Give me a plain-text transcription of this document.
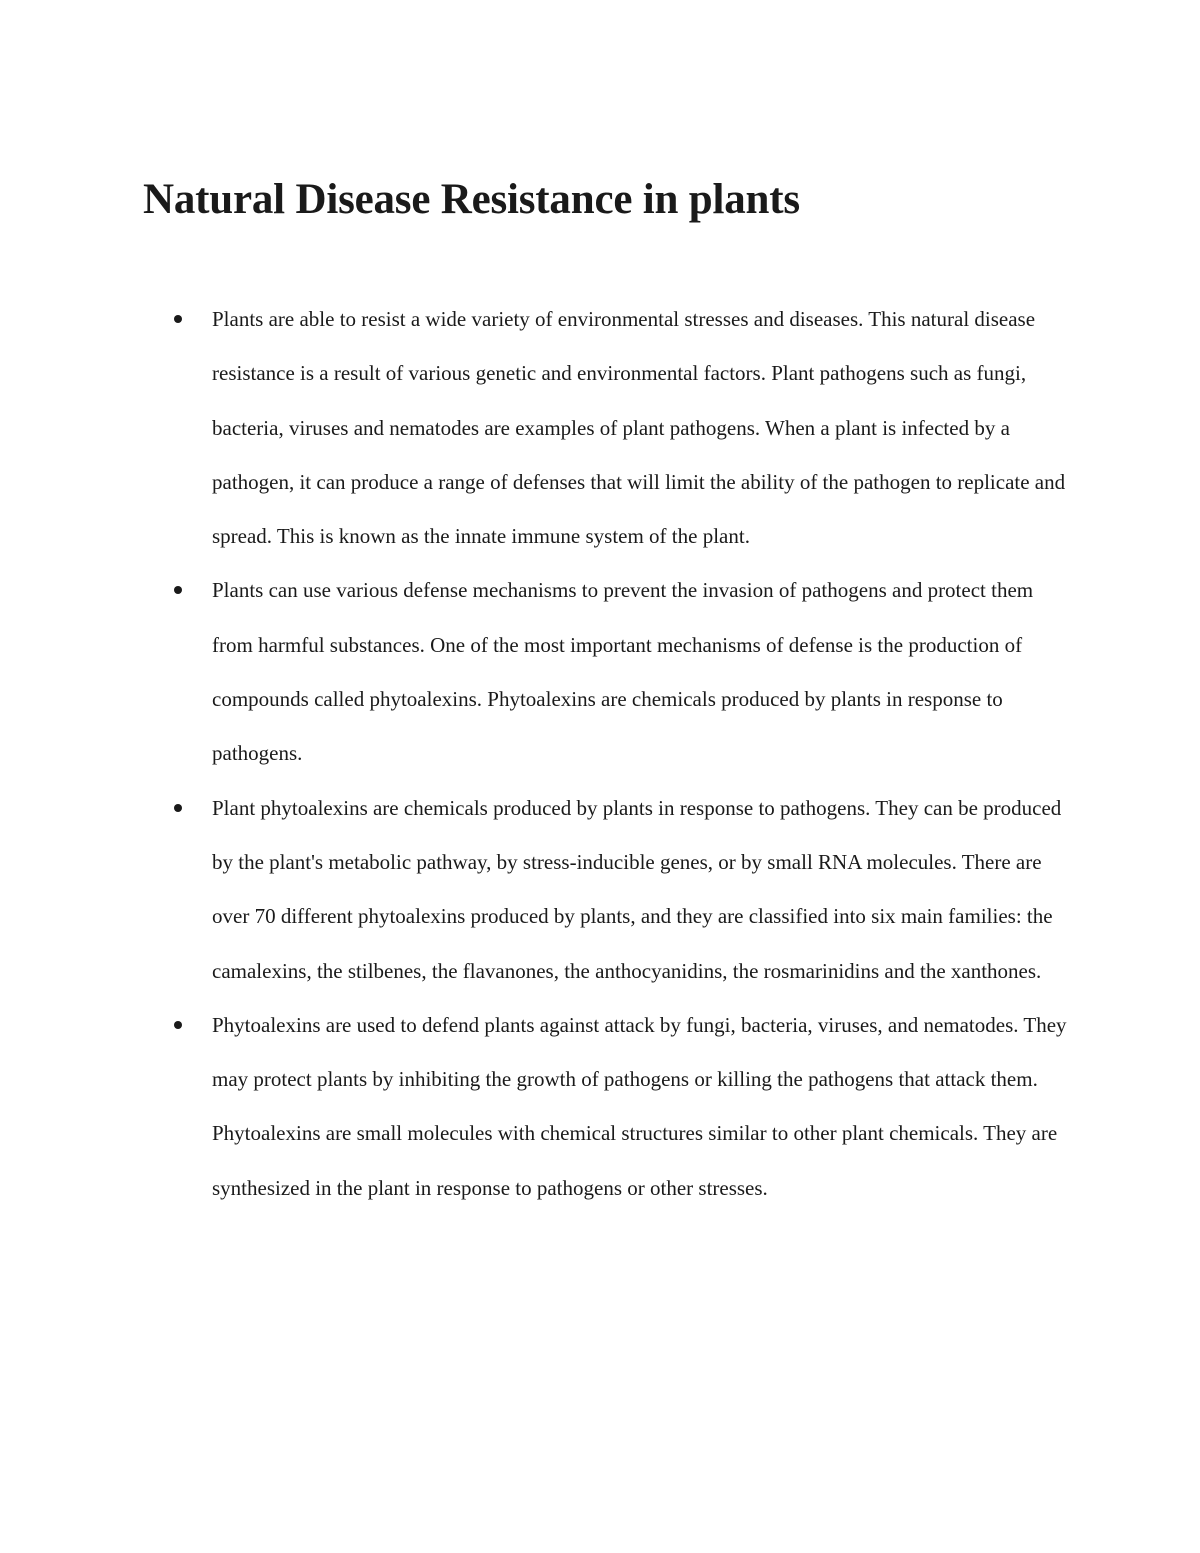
Natural Disease Resistance in plants

Plants are able to resist a wide variety of environmental stresses and diseases. This natural disease resistance is a result of various genetic and environmental factors. Plant pathogens such as fungi, bacteria, viruses and nematodes are examples of plant pathogens. When a plant is infected by a pathogen, it can produce a range of defenses that will limit the ability of the pathogen to replicate and spread. This is known as the innate immune system of the plant.

Plants can use various defense mechanisms to prevent the invasion of pathogens and protect them from harmful substances. One of the most important mechanisms of defense is the production of compounds called phytoalexins. Phytoalexins are chemicals produced by plants in response to pathogens.

Plant phytoalexins are chemicals produced by plants in response to pathogens. They can be produced by the plant's metabolic pathway, by stress-inducible genes, or by small RNA molecules. There are over 70 different phytoalexins produced by plants, and they are classified into six main families: the camalexins, the stilbenes, the flavanones, the anthocyanidins, the rosmarinidins and the xanthones.

Phytoalexins are used to defend plants against attack by fungi, bacteria, viruses, and nematodes. They may protect plants by inhibiting the growth of pathogens or killing the pathogens that attack them. Phytoalexins are small molecules with chemical structures similar to other plant chemicals. They are synthesized in the plant in response to pathogens or other stresses.
